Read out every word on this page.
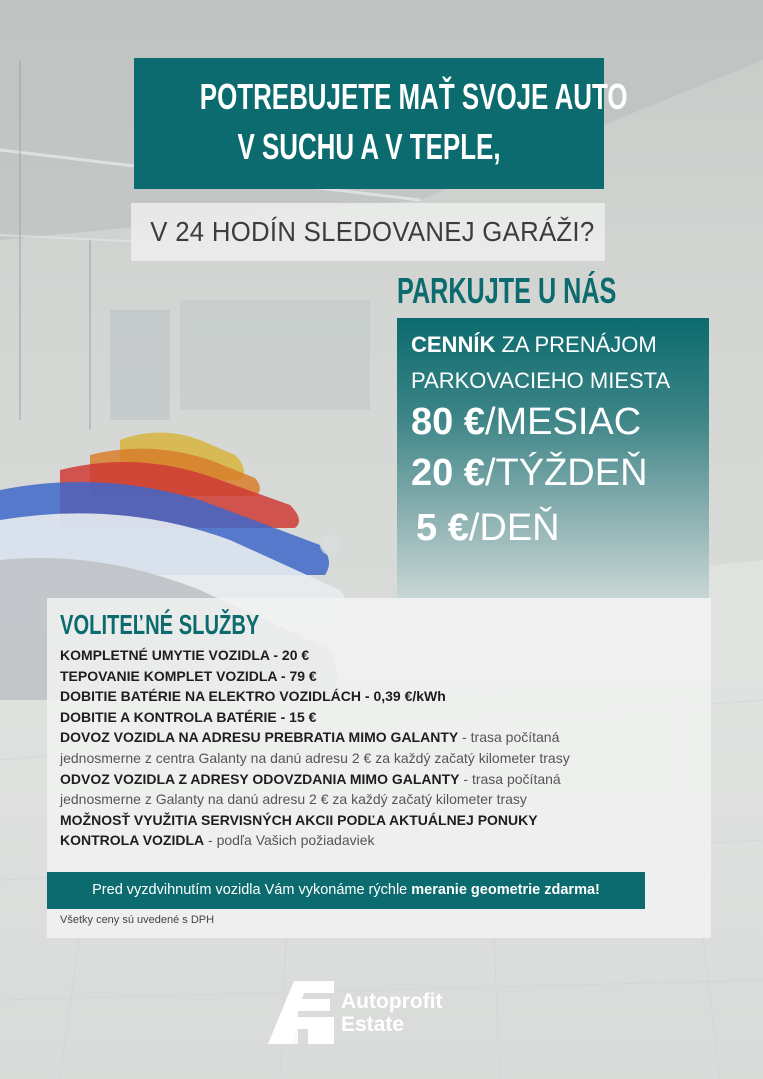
POTREBUJETE MAŤ SVOJE AUTO
V SUCHU A V TEPLE,
V 24 HODÍN SLEDOVANEJ GARÁŽI?
PARKUJTE U NÁS
CENNÍK ZA PRENÁJOM
PARKOVACIEHO MIESTA
80 €/MESIAC
20 €/TÝŽDEŇ
5 €/DEŇ
VOLITEĽNÉ SLUŽBY
KOMPLETNÉ UMYTIE VOZIDLA - 20 €
TEPOVANIE KOMPLET VOZIDLA - 79 €
DOBITIE BATÉRIE NA ELEKTRO VOZIDLÁCH - 0,39 €/kWh
DOBITIE A KONTROLA BATÉRIE - 15 €
DOVOZ VOZIDLA NA ADRESU PREBRATIA MIMO GALANTY - trasa počítaná
jednosmerne z centra Galanty na danú adresu 2 € za každý začatý kilometer trasy
ODVOZ VOZIDLA Z ADRESY ODOVZDANIA MIMO GALANTY - trasa počítaná
jednosmerne z Galanty na danú adresu 2 € za každý začatý kilometer trasy
MOŽNOSŤ VYUŽITIA SERVISNÝCH AKCII PODĽA AKTUÁLNEJ PONUKY
KONTROLA VOZIDLA - podľa Vašich požiadaviek
Pred vyzdvihnutím vozidla Vám vykonáme rýchle meranie geometrie zdarma!
Všetky ceny sú uvedené s DPH
Autoprofit
Estate
